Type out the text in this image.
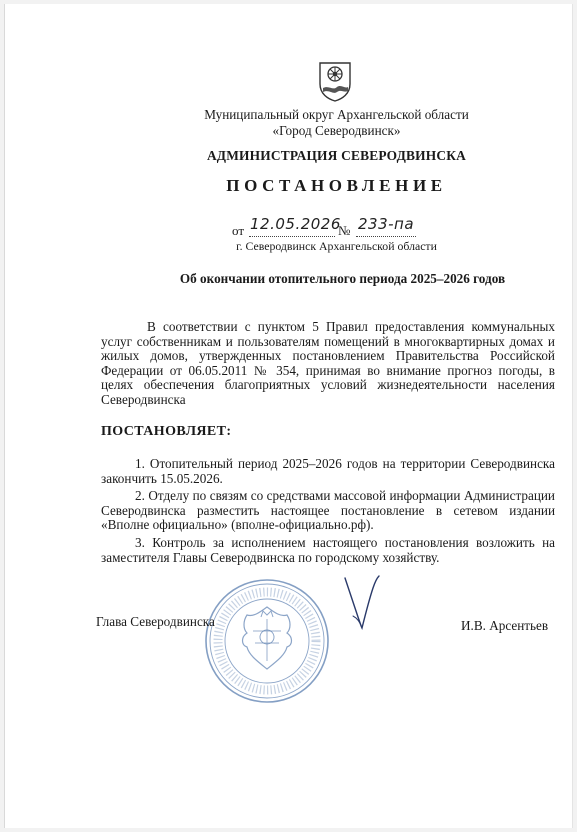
Муниципальный округ Архангельской области
«Город Северодвинск»
АДМИНИСТРАЦИЯ СЕВЕРОДВИНСКА
ПОСТАНОВЛЕНИЕ
от 12.05.2026
№ 233-па
г. Северодвинск Архангельской области
Об окончании отопительного периода 2025–2026 годов
В соответствии с пунктом 5 Правил предоставления коммунальных услуг собственникам и пользователям помещений в многоквартирных домах и жилых домов, утвержденных постановлением Правительства Российской Федерации от 06.05.2011 № 354, принимая во внимание прогноз погоды, в целях обеспечения благоприятных условий жизнедеятельности населения Северодвинска
ПОСТАНОВЛЯЕТ:
1. Отопительный период 2025–2026 годов на территории Северодвинска закончить 15.05.2026.
2. Отделу по связям со средствами массовой информации Администрации Северодвинска разместить настоящее постановление в сетевом издании «Вполне официально» (вполне-официально.рф).
3. Контроль за исполнением настоящего постановления возложить на заместителя Главы Северодвинска по городскому хозяйству.
Глава Северодвинска	И.В. Арсентьев
